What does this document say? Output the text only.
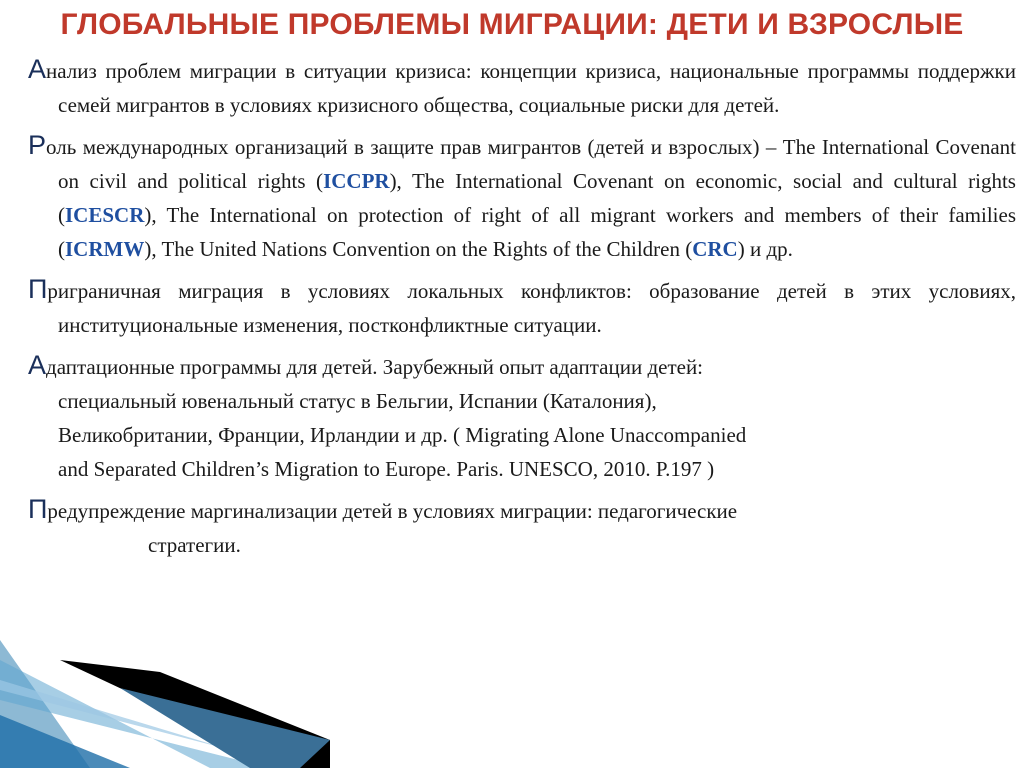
ГЛОБАЛЬНЫЕ ПРОБЛЕМЫ МИГРАЦИИ: ДЕТИ И ВЗРОСЛЫЕ

Анализ проблем миграции в ситуации кризиса: концепции кризиса, национальные программы поддержки семей мигрантов в условиях кризисного общества, социальные риски для детей.

Роль международных организаций в защите прав мигрантов (детей и взрослых) – The International Covenant on civil and political rights (ICCPR), The International Covenant on economic, social and cultural rights (ICESCR), The International on protection of right of all migrant workers and members of their families (ICRMW), The United Nations Convention on the Rights of the Children (CRC) и др.

Приграничная миграция в условиях локальных конфликтов: образование детей в этих условиях, институциональные изменения, постконфликтные ситуации.

Адаптационные программы для детей. Зарубежный опыт адаптации детей:
специальный ювенальный статус в Бельгии, Испании (Каталония),
Великобритании, Франции, Ирландии и др. ( Migrating Alone Unaccompanied
and Separated Children’s Migration to Europe. Paris. UNESCO, 2010. P.197 )

Предупреждение маргинализации детей в условиях миграции: педагогические
стратегии.
